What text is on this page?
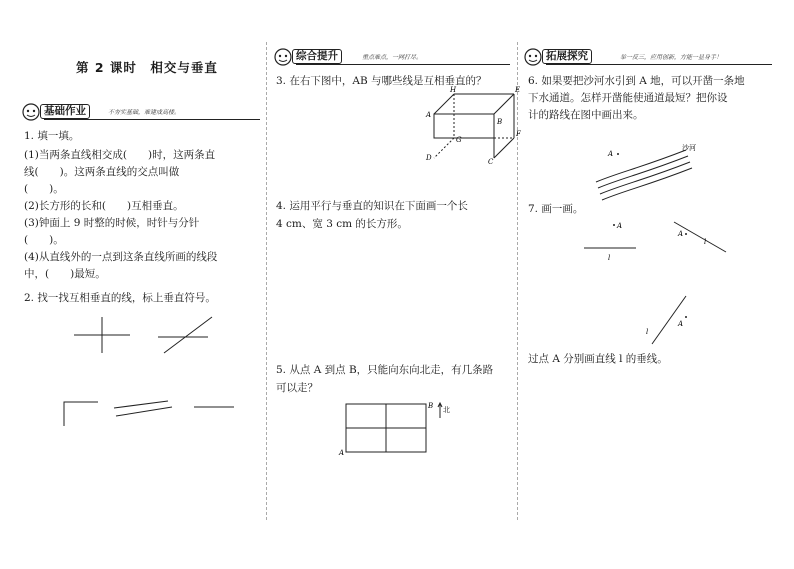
第 2 课时　相交与垂直
基础作业	不夯实基础，难建成高楼。
1. 填一填。
(1)当两条直线相交成(　　)时，这两条直
线(　　)。这两条直线的交点叫做
(　　)。
(2)长方形的长和(　　)互相垂直。
(3)钟面上 9 时整的时候，时针与分针
(　　)。
(4)从直线外的一点到这条直线所画的线段
中，(　　)最短。
2. 找一找互相垂直的线，标上垂直符号。
综合提升	重点难点，一网打尽。
3. 在右下图中，AB 与哪些线是互相垂直的？
H	E
A
B
G
F
D	C
4. 运用平行与垂直的知识在下面画一个长
4 cm、宽 3 cm 的长方形。
5. 从点 A 到点 B，只能向东向北走，有几条路
可以走？
A
B 北
拓展探究	举一反三，应用创新，方能一显身手！
6. 如果要把沙河水引到 A 地，可以开凿一条地
下水通道。怎样开凿能使通道最短？把你设
计的路线在图中画出来。
A
沙河
7. 画一画。
A
l
A
l
l
A
过点 A 分别画直线 l 的垂线。
